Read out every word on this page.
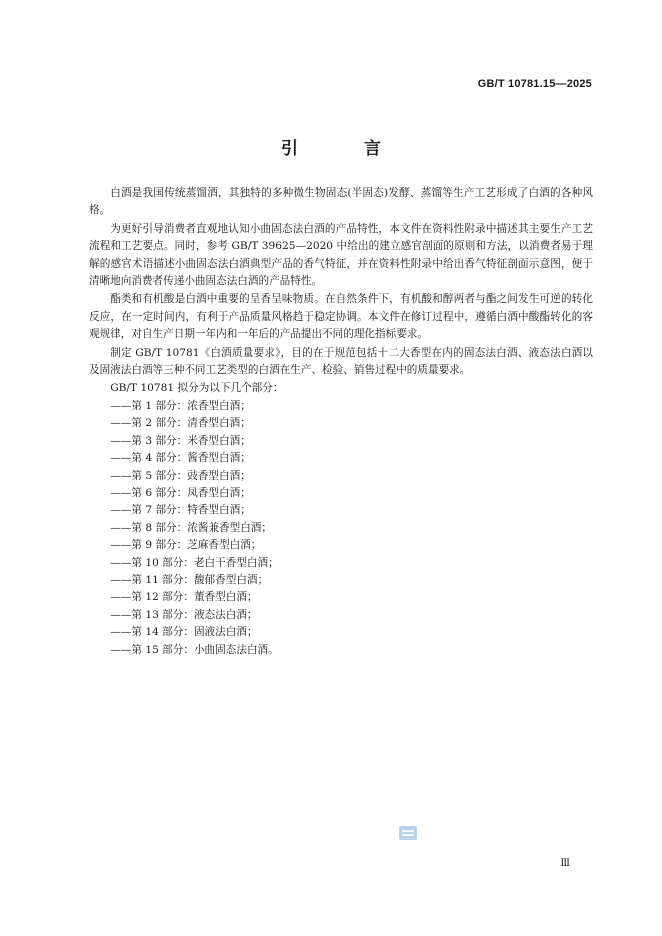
GB/T 10781.15—2025
引 言

白酒是我国传统蒸馏酒，其独特的多种微生物固态(半固态)发酵、蒸馏等生产工艺形成了白酒的各种风格。

为更好引导消费者直观地认知小曲固态法白酒的产品特性，本文件在资料性附录中描述其主要生产工艺流程和工艺要点。同时，参考 GB/T 39625—2020 中给出的建立感官剖面的原则和方法，以消费者易于理解的感官术语描述小曲固态法白酒典型产品的香气特征，并在资料性附录中给出香气特征剖面示意图，便于清晰地向消费者传递小曲固态法白酒的产品特性。

酯类和有机酸是白酒中重要的呈香呈味物质。在自然条件下，有机酸和醇两者与酯之间发生可逆的转化反应，在一定时间内，有利于产品质量风格趋于稳定协调。本文件在修订过程中，遵循白酒中酸酯转化的客观规律，对自生产日期一年内和一年后的产品提出不同的理化指标要求。

制定 GB/T 10781《白酒质量要求》，目的在于规范包括十二大香型在内的固态法白酒、液态法白酒以及固液法白酒等三种不同工艺类型的白酒在生产、检验、销售过程中的质量要求。

GB/T 10781 拟分为以下几个部分：

——第 1 部分：浓香型白酒；
——第 2 部分：清香型白酒；
——第 3 部分：米香型白酒；
——第 4 部分：酱香型白酒；
——第 5 部分：豉香型白酒；
——第 6 部分：凤香型白酒；
——第 7 部分：特香型白酒；
——第 8 部分：浓酱兼香型白酒；
——第 9 部分：芝麻香型白酒；
——第 10 部分：老白干香型白酒；
——第 11 部分：馥郁香型白酒；
——第 12 部分：董香型白酒；
——第 13 部分：液态法白酒；
——第 14 部分：固液法白酒；
——第 15 部分：小曲固态法白酒。
Ⅲ
